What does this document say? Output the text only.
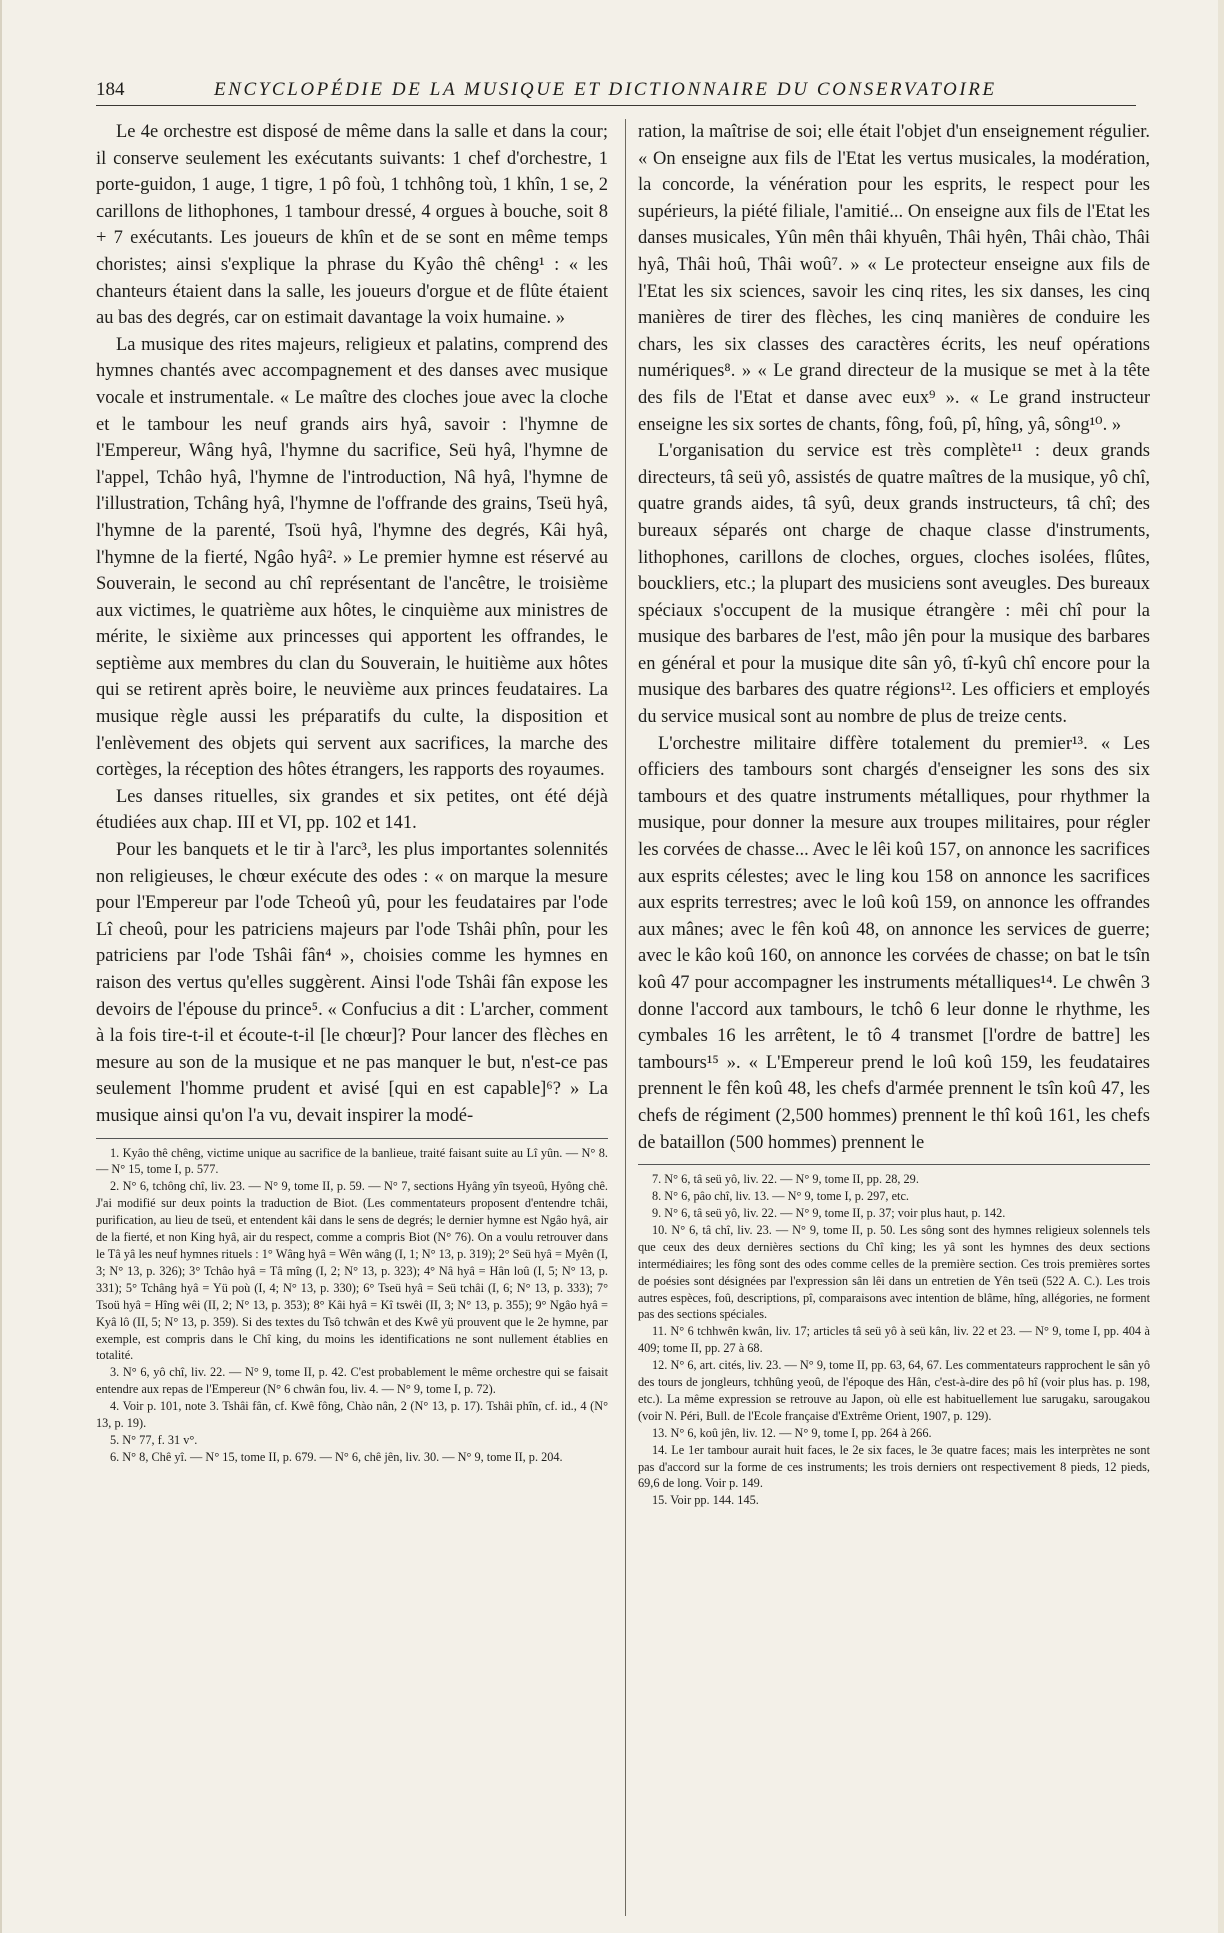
184	ENCYCLOPÉDIE DE LA MUSIQUE ET DICTIONNAIRE DU CONSERVATOIRE

Le 4e orchestre est disposé de même dans la salle et dans la cour; il conserve seulement les exécutants suivants: 1 chef d'orchestre, 1 porte-guidon, 1 auge, 1 tigre, 1 pô foù, 1 tchhông toù, 1 khîn, 1 se, 2 carillons de lithophones, 1 tambour dressé, 4 orgues à bouche, soit 8 + 7 exécutants. Les joueurs de khîn et de se sont en même temps choristes; ainsi s'explique la phrase du Kyâo thê chêng¹ : « les chanteurs étaient dans la salle, les joueurs d'orgue et de flûte étaient au bas des degrés, car on estimait davantage la voix humaine. »

La musique des rites majeurs, religieux et palatins, comprend des hymnes chantés avec accompagnement et des danses avec musique vocale et instrumentale. « Le maître des cloches joue avec la cloche et le tambour les neuf grands airs hyâ, savoir : l'hymne de l'Empereur, Wâng hyâ, l'hymne du sacrifice, Seü hyâ, l'hymne de l'appel, Tchâo hyâ, l'hymne de l'introduction, Nâ hyâ, l'hymne de l'illustration, Tchâng hyâ, l'hymne de l'offrande des grains, Tseü hyâ, l'hymne de la parenté, Tsoü hyâ, l'hymne des degrés, Kâi hyâ, l'hymne de la fierté, Ngâo hyâ². » Le premier hymne est réservé au Souverain, le second au chî représentant de l'ancêtre, le troisième aux victimes, le quatrième aux hôtes, le cinquième aux ministres de mérite, le sixième aux princesses qui apportent les offrandes, le septième aux membres du clan du Souverain, le huitième aux hôtes qui se retirent après boire, le neuvième aux princes feudataires. La musique règle aussi les préparatifs du culte, la disposition et l'enlèvement des objets qui servent aux sacrifices, la marche des cortèges, la réception des hôtes étrangers, les rapports des royaumes.

Les danses rituelles, six grandes et six petites, ont été déjà étudiées aux chap. III et VI, pp. 102 et 141.

Pour les banquets et le tir à l'arc³, les plus importantes solennités non religieuses, le chœur exécute des odes : « on marque la mesure pour l'Empereur par l'ode Tcheoû yû, pour les feudataires par l'ode Lî cheoû, pour les patriciens majeurs par l'ode Tshâi phîn, pour les patriciens par l'ode Tshâi fân⁴ », choisies comme les hymnes en raison des vertus qu'elles suggèrent. Ainsi l'ode Tshâi fân expose les devoirs de l'épouse du prince⁵. « Confucius a dit : L'archer, comment à la fois tire-t-il et écoute-t-il [le chœur]? Pour lancer des flèches en mesure au son de la musique et ne pas manquer le but, n'est-ce pas seulement l'homme prudent et avisé [qui en est capable]⁶? » La musique ainsi qu'on l'a vu, devait inspirer la modé-

1. Kyâo thê chêng, victime unique au sacrifice de la banlieue, traité faisant suite au Lî yûn. — N° 8. — N° 15, tome I, p. 577.

2. N° 6, tchông chî, liv. 23. — N° 9, tome II, p. 59. — N° 7, sections Hyâng yîn tsyeoû, Hyông chê. J'ai modifié sur deux points la traduction de Biot. (Les commentateurs proposent d'entendre tchâi, purification, au lieu de tseü, et entendent kâi dans le sens de degrés; le dernier hymne est Ngâo hyâ, air de la fierté, et non King hyâ, air du respect, comme a compris Biot (N° 76). On a voulu retrouver dans le Tâ yâ les neuf hymnes rituels : 1° Wâng hyâ = Wên wâng (I, 1; N° 13, p. 319); 2° Seü hyâ = Myên (I, 3; N° 13, p. 326); 3° Tchâo hyâ = Tâ mîng (I, 2; N° 13, p. 323); 4° Nâ hyâ = Hân loû (I, 5; N° 13, p. 331); 5° Tchâng hyâ = Yü poù (I, 4; N° 13, p. 330); 6° Tseü hyâ = Seü tchâi (I, 6; N° 13, p. 333); 7° Tsoü hyâ = Hîng wêi (II, 2; N° 13, p. 353); 8° Kâi hyâ = Kî tswêi (II, 3; N° 13, p. 355); 9° Ngâo hyâ = Kyâ lô (II, 5; N° 13, p. 359). Si des textes du Tsô tchwân et des Kwê yü prouvent que le 2e hymne, par exemple, est compris dans le Chî king, du moins les identifications ne sont nullement établies en totalité.

3. N° 6, yô chî, liv. 22. — N° 9, tome II, p. 42. C'est probablement le même orchestre qui se faisait entendre aux repas de l'Empereur (N° 6 chwân fou, liv. 4. — N° 9, tome I, p. 72).

4. Voir p. 101, note 3. Tshâi fân, cf. Kwê fông, Chào nân, 2 (N° 13, p. 17). Tshâi phîn, cf. id., 4 (N° 13, p. 19).

5. N° 77, f. 31 v°.

6. N° 8, Chê yî. — N° 15, tome II, p. 679. — N° 6, chê jên, liv. 30. — N° 9, tome II, p. 204.

ration, la maîtrise de soi; elle était l'objet d'un enseignement régulier. « On enseigne aux fils de l'Etat les vertus musicales, la modération, la concorde, la vénération pour les esprits, le respect pour les supérieurs, la piété filiale, l'amitié... On enseigne aux fils de l'Etat les danses musicales, Yûn mên thâi khyuên, Thâi hyên, Thâi chào, Thâi hyâ, Thâi hoû, Thâi woû⁷. » « Le protecteur enseigne aux fils de l'Etat les six sciences, savoir les cinq rites, les six danses, les cinq manières de tirer des flèches, les cinq manières de conduire les chars, les six classes des caractères écrits, les neuf opérations numériques⁸. » « Le grand directeur de la musique se met à la tête des fils de l'Etat et danse avec eux⁹ ». « Le grand instructeur enseigne les six sortes de chants, fông, foû, pî, hîng, yâ, sông¹⁰. »

L'organisation du service est très complète¹¹ : deux grands directeurs, tâ seü yô, assistés de quatre maîtres de la musique, yô chî, quatre grands aides, tâ syû, deux grands instructeurs, tâ chî; des bureaux séparés ont charge de chaque classe d'instruments, lithophones, carillons de cloches, orgues, cloches isolées, flûtes, bouckliers, etc.; la plupart des musiciens sont aveugles. Des bureaux spéciaux s'occupent de la musique étrangère : mêi chî pour la musique des barbares de l'est, mâo jên pour la musique des barbares en général et pour la musique dite sân yô, tî-kyû chî encore pour la musique des barbares des quatre régions¹². Les officiers et employés du service musical sont au nombre de plus de treize cents.

L'orchestre militaire diffère totalement du premier¹³. « Les officiers des tambours sont chargés d'enseigner les sons des six tambours et des quatre instruments métalliques, pour rhythmer la musique, pour donner la mesure aux troupes militaires, pour régler les corvées de chasse... Avec le lêi koû 157, on annonce les sacrifices aux esprits célestes; avec le ling kou 158 on annonce les sacrifices aux esprits terrestres; avec le loû koû 159, on annonce les offrandes aux mânes; avec le fên koû 48, on annonce les services de guerre; avec le kâo koû 160, on annonce les corvées de chasse; on bat le tsîn koû 47 pour accompagner les instruments métalliques¹⁴. Le chwên 3 donne l'accord aux tambours, le tchô 6 leur donne le rhythme, les cymbales 16 les arrêtent, le tô 4 transmet [l'ordre de battre] les tambours¹⁵ ». « L'Empereur prend le loû koû 159, les feudataires prennent le fên koû 48, les chefs d'armée prennent le tsîn koû 47, les chefs de régiment (2,500 hommes) prennent le thî koû 161, les chefs de bataillon (500 hommes) prennent le

7. N° 6, tâ seü yô, liv. 22. — N° 9, tome II, pp. 28, 29.

8. N° 6, pâo chî, liv. 13. — N° 9, tome I, p. 297, etc.

9. N° 6, tâ seü yô, liv. 22. — N° 9, tome II, p. 37; voir plus haut, p. 142.

10. N° 6, tâ chî, liv. 23. — N° 9, tome II, p. 50. Les sông sont des hymnes religieux solennels tels que ceux des deux dernières sections du Chî king; les yâ sont les hymnes des deux sections intermédiaires; les fông sont des odes comme celles de la première section. Ces trois premières sortes de poésies sont désignées par l'expression sân lêi dans un entretien de Yên tseü (522 A. C.). Les trois autres espèces, foû, descriptions, pî, comparaisons avec intention de blâme, hîng, allégories, ne forment pas des sections spéciales.

11. N° 6 tchhwên kwân, liv. 17; articles tâ seü yô à seü kân, liv. 22 et 23. — N° 9, tome I, pp. 404 à 409; tome II, pp. 27 à 68.

12. N° 6, art. cités, liv. 23. — N° 9, tome II, pp. 63, 64, 67. Les commentateurs rapprochent le sân yô des tours de jongleurs, tchhûng yeoû, de l'époque des Hân, c'est-à-dire des pô hî (voir plus has. p. 198, etc.). La même expression se retrouve au Japon, où elle est habituellement lue sarugaku, sarougakou (voir N. Péri, Bull. de l'Ecole française d'Extrême Orient, 1907, p. 129).

13. N° 6, koû jên, liv. 12. — N° 9, tome I, pp. 264 à 266.

14. Le 1er tambour aurait huit faces, le 2e six faces, le 3e quatre faces; mais les interprètes ne sont pas d'accord sur la forme de ces instruments; les trois derniers ont respectivement 8 pieds, 12 pieds, 69,6 de long. Voir p. 149.

15. Voir pp. 144. 145.
